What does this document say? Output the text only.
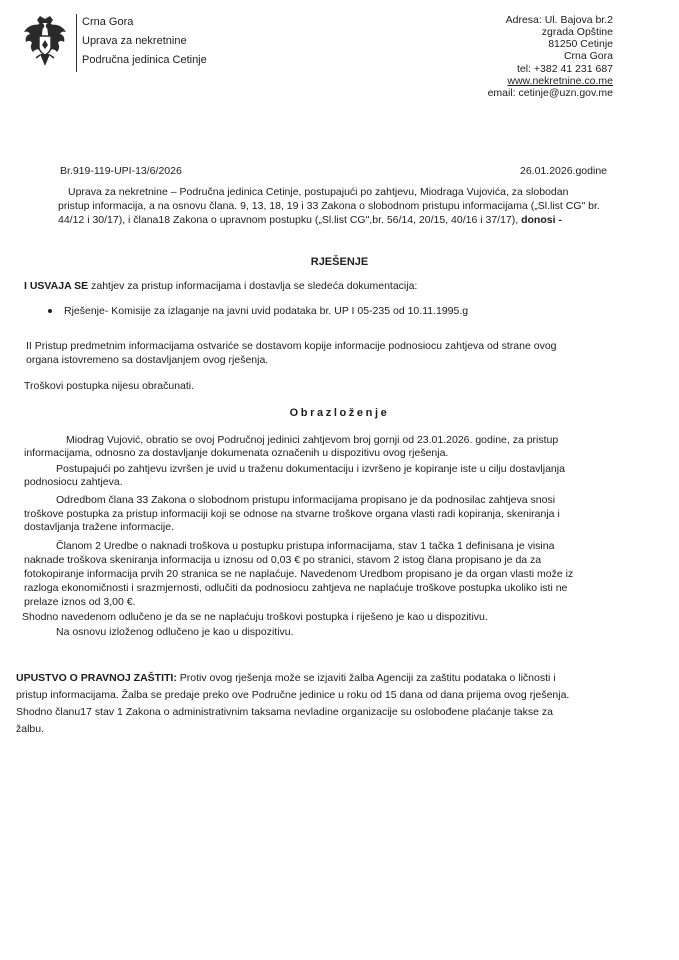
Crna Gora
Uprava za nekretnine
Područna jedinica Cetinje
Adresa: Ul. Bajova br.2
zgrada Opštine
81250 Cetinje
Crna Gora
tel: +382 41 231 687
www.nekretnine.co.me
email: cetinje@uzn.gov.me
Br.919-119-UPI-13/6/2026	26.01.2026.godine
Uprava za nekretnine – Područna jedinica Cetinje, postupajući po zahtjevu, Miodraga Vujovića, za slobodan
pristup informacija, a na osnovu člana. 9, 13, 18, 19 i 33 Zakona o slobodnom pristupu informacijama („Sl.list CG" br.
44/12 i 30/17), i člana18 Zakona o upravnom postupku („Sl.list CG",br. 56/14, 20/15, 40/16 i 37/17), donosi -
RJEŠENJE
I USVAJA SE zahtjev za pristup informacijama i dostavlja se sledeća dokumentacija:
Rješenje- Komisije za izlaganje na javni uvid podataka br. UP I 05-235 od 10.11.1995.g
II Pristup predmetnim informacijama ostvariće se dostavom kopije informacije podnosiocu zahtjeva od strane ovog
organa istovremeno sa dostavljanjem ovog rješenja.
Troškovi postupka nijesu obračunati.
Obrazloženje
Miodrag Vujović, obratio se ovoj Područnoj jedinici zahtjevom broj gornji od 23.01.2026. godine, za pristup
informacijama, odnosno za dostavljanje dokumenata označenih u dispozitivu ovog rješenja.
Postupajući po zahtjevu izvršen je uvid u traženu dokumentaciju i izvršeno je kopiranje iste u cilju dostavljanja
podnosiocu zahtjeva.
Odredbom člana 33 Zakona o slobodnom pristupu informacijama propisano je da podnosilac zahtjeva snosi
troškove postupka za pristup informaciji koji se odnose na stvarne troškove organa vlasti radi kopiranja, skeniranja i
dostavljanja tražene informacije.
Članom 2 Uredbe o naknadi troškova u postupku pristupa informacijama, stav 1 tačka 1 definisana je visina
naknade troškova skeniranja informacija u iznosu od 0,03 € po stranici, stavom 2 istog člana propisano je da za
fotokopiranje informacija prvih 20 stranica se ne naplaćuje. Navedenom Uredbom propisano je da organ vlasti može iz
razloga ekonomičnosti i srazmjernosti, odlučiti da podnosiocu zahtjeva ne naplaćuje troškove postupka ukoliko isti ne
prelaze iznos od 3,00 €.
Shodno navedenom odlučeno je da se ne naplaćuju troškovi postupka i riješeno je kao u dispozitivu.
Na osnovu izloženog odlučeno je kao u dispozitivu.
UPUSTVO O PRAVNOJ ZAŠTITI: Protiv ovog rješenja može se izjaviti žalba Agenciji za zaštitu podataka o ličnosti i
pristup informacijama. Žalba se predaje preko ove Područne jedinice u roku od 15 dana od dana prijema ovog rješenja.
Shodno članu17 stav 1 Zakona o administrativnim taksama nevladine organizacije su oslobođene plaćanje takse za
žalbu.
